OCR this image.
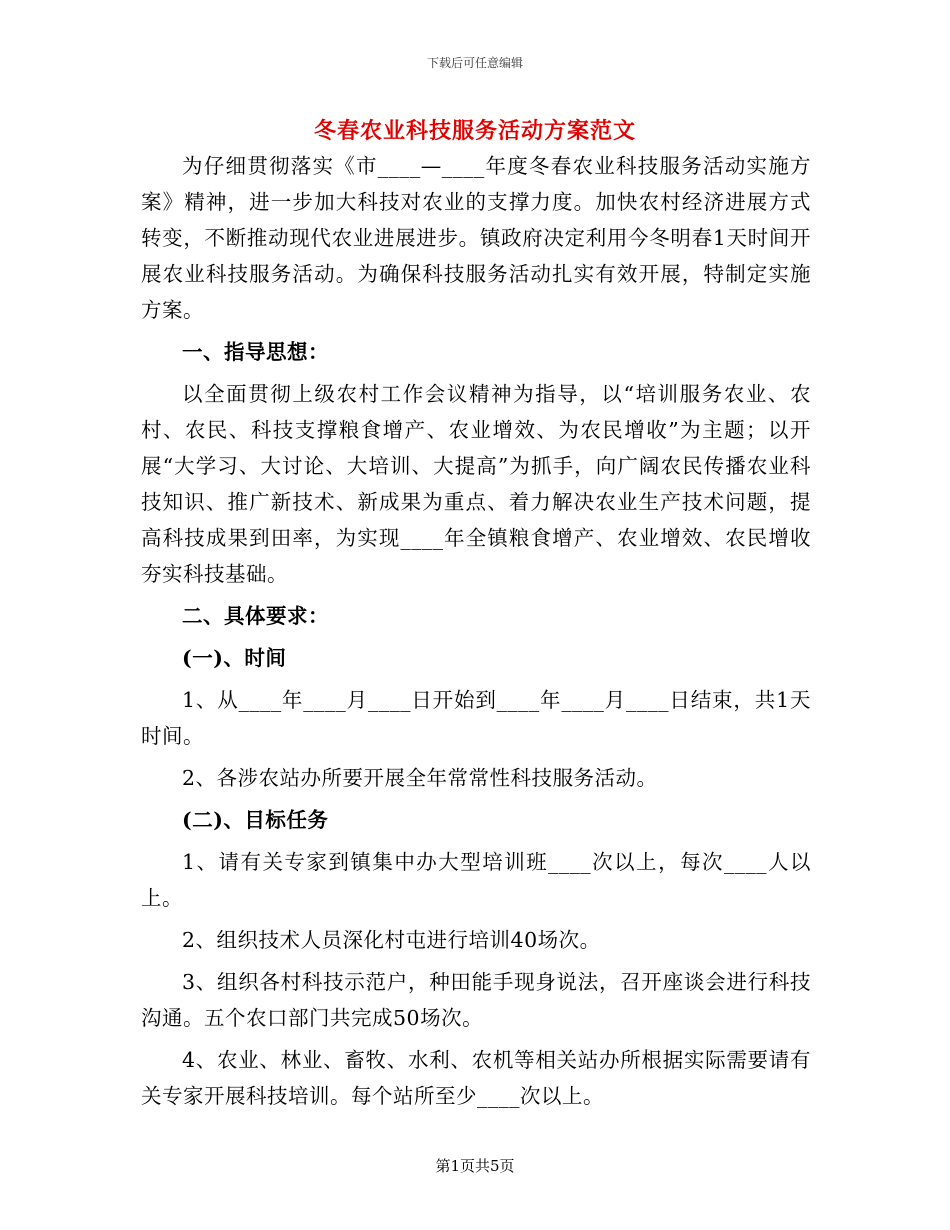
下载后可任意编辑
冬春农业科技服务活动方案范文

为仔细贯彻落实《市____—____年度冬春农业科技服务活动实施方案》精神，进一步加大科技对农业的支撑力度。加快农村经济进展方式转变，不断推动现代农业进展进步。镇政府决定利用今冬明春1天时间开展农业科技服务活动。为确保科技服务活动扎实有效开展，特制定实施方案。

一、指导思想：

以全面贯彻上级农村工作会议精神为指导，以“培训服务农业、农村、农民、科技支撑粮食增产、农业增效、为农民增收”为主题；以开展“大学习、大讨论、大培训、大提高”为抓手，向广阔农民传播农业科技知识、推广新技术、新成果为重点、着力解决农业生产技术问题，提高科技成果到田率，为实现____年全镇粮食增产、农业增效、农民增收夯实科技基础。

二、具体要求：

(一)、时间

1、从____年____月____日开始到____年____月____日结束，共1天时间。

2、各涉农站办所要开展全年常常性科技服务活动。

(二)、目标任务

1、请有关专家到镇集中办大型培训班____次以上，每次____人以上。

2、组织技术人员深化村屯进行培训40场次。

3、组织各村科技示范户，种田能手现身说法，召开座谈会进行科技沟通。五个农口部门共完成50场次。

4、农业、林业、畜牧、水利、农机等相关站办所根据实际需要请有关专家开展科技培训。每个站所至少____次以上。

第1页共5页
